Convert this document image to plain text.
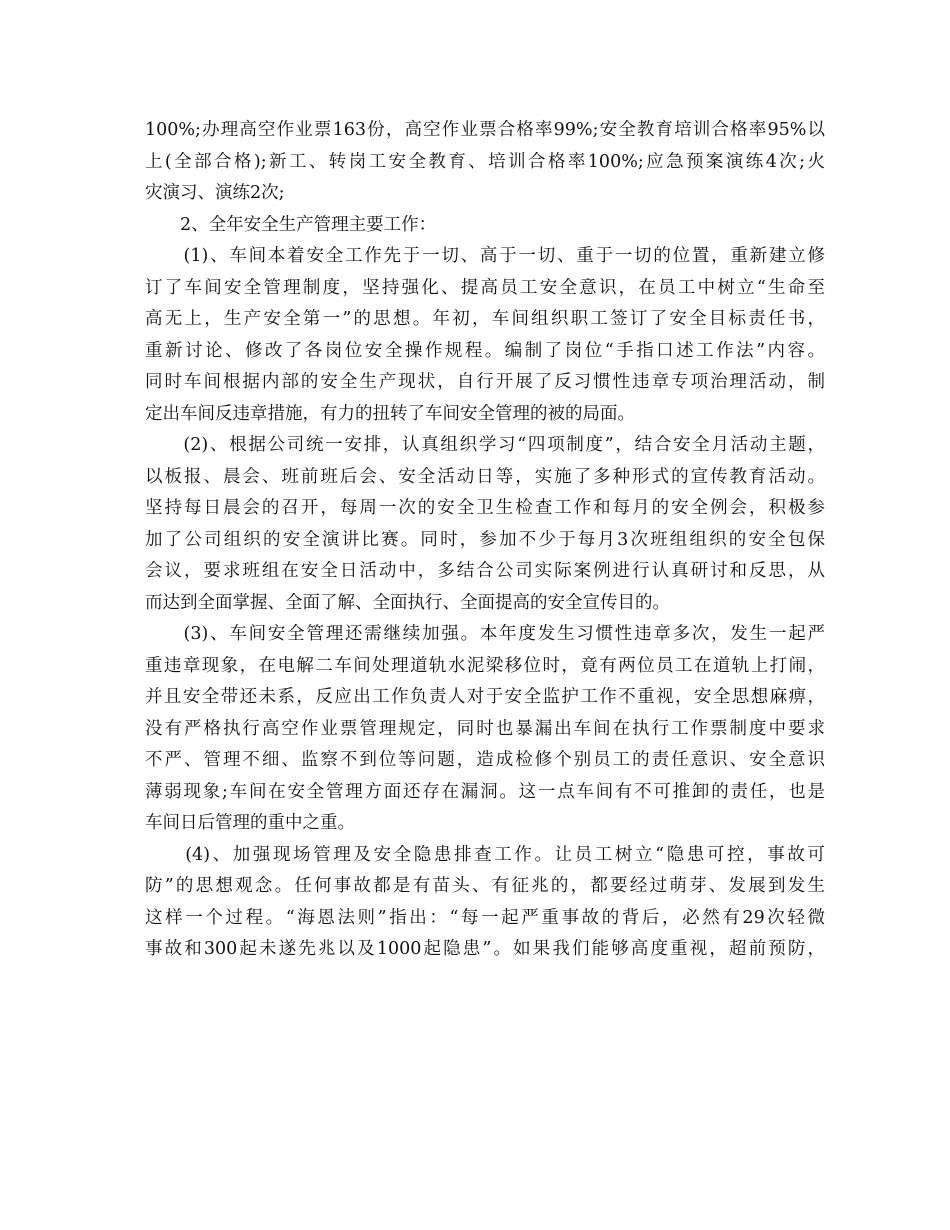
100%;办理高空作业票163份，高空作业票合格率99%;安全教育培训合格率95%以
上(全部合格);新工、转岗工安全教育、培训合格率100%;应急预案演练4次;火
灾演习、演练2次;
　　2、全年安全生产管理主要工作：
　　(1)、车间本着安全工作先于一切、高于一切、重于一切的位置，重新建立修
订了车间安全管理制度，坚持强化、提高员工安全意识，在员工中树立“生命至
高无上，生产安全第一”的思想。年初，车间组织职工签订了安全目标责任书，
重新讨论、修改了各岗位安全操作规程。编制了岗位“手指口述工作法”内容。
同时车间根据内部的安全生产现状，自行开展了反习惯性违章专项治理活动，制
定出车间反违章措施，有力的扭转了车间安全管理的被的局面。
　　(2)、根据公司统一安排，认真组织学习“四项制度”，结合安全月活动主题，
以板报、晨会、班前班后会、安全活动日等，实施了多种形式的宣传教育活动。
坚持每日晨会的召开，每周一次的安全卫生检查工作和每月的安全例会，积极参
加了公司组织的安全演讲比赛。同时，参加不少于每月3次班组组织的安全包保
会议，要求班组在安全日活动中，多结合公司实际案例进行认真研讨和反思，从
而达到全面掌握、全面了解、全面执行、全面提高的安全宣传目的。
　　(3)、车间安全管理还需继续加强。本年度发生习惯性违章多次，发生一起严
重违章现象，在电解二车间处理道轨水泥梁移位时，竟有两位员工在道轨上打闹，
并且安全带还未系，反应出工作负责人对于安全监护工作不重视，安全思想麻痹，
没有严格执行高空作业票管理规定，同时也暴漏出车间在执行工作票制度中要求
不严、管理不细、监察不到位等问题，造成检修个别员工的责任意识、安全意识
薄弱现象;车间在安全管理方面还存在漏洞。这一点车间有不可推卸的责任，也是
车间日后管理的重中之重。
　　(4)、加强现场管理及安全隐患排查工作。让员工树立“隐患可控，事故可
防”的思想观念。任何事故都是有苗头、有征兆的，都要经过萌芽、发展到发生
这样一个过程。“海恩法则”指出：“每一起严重事故的背后，必然有29次轻微
事故和300起未遂先兆以及1000起隐患”。如果我们能够高度重视，超前预防，
